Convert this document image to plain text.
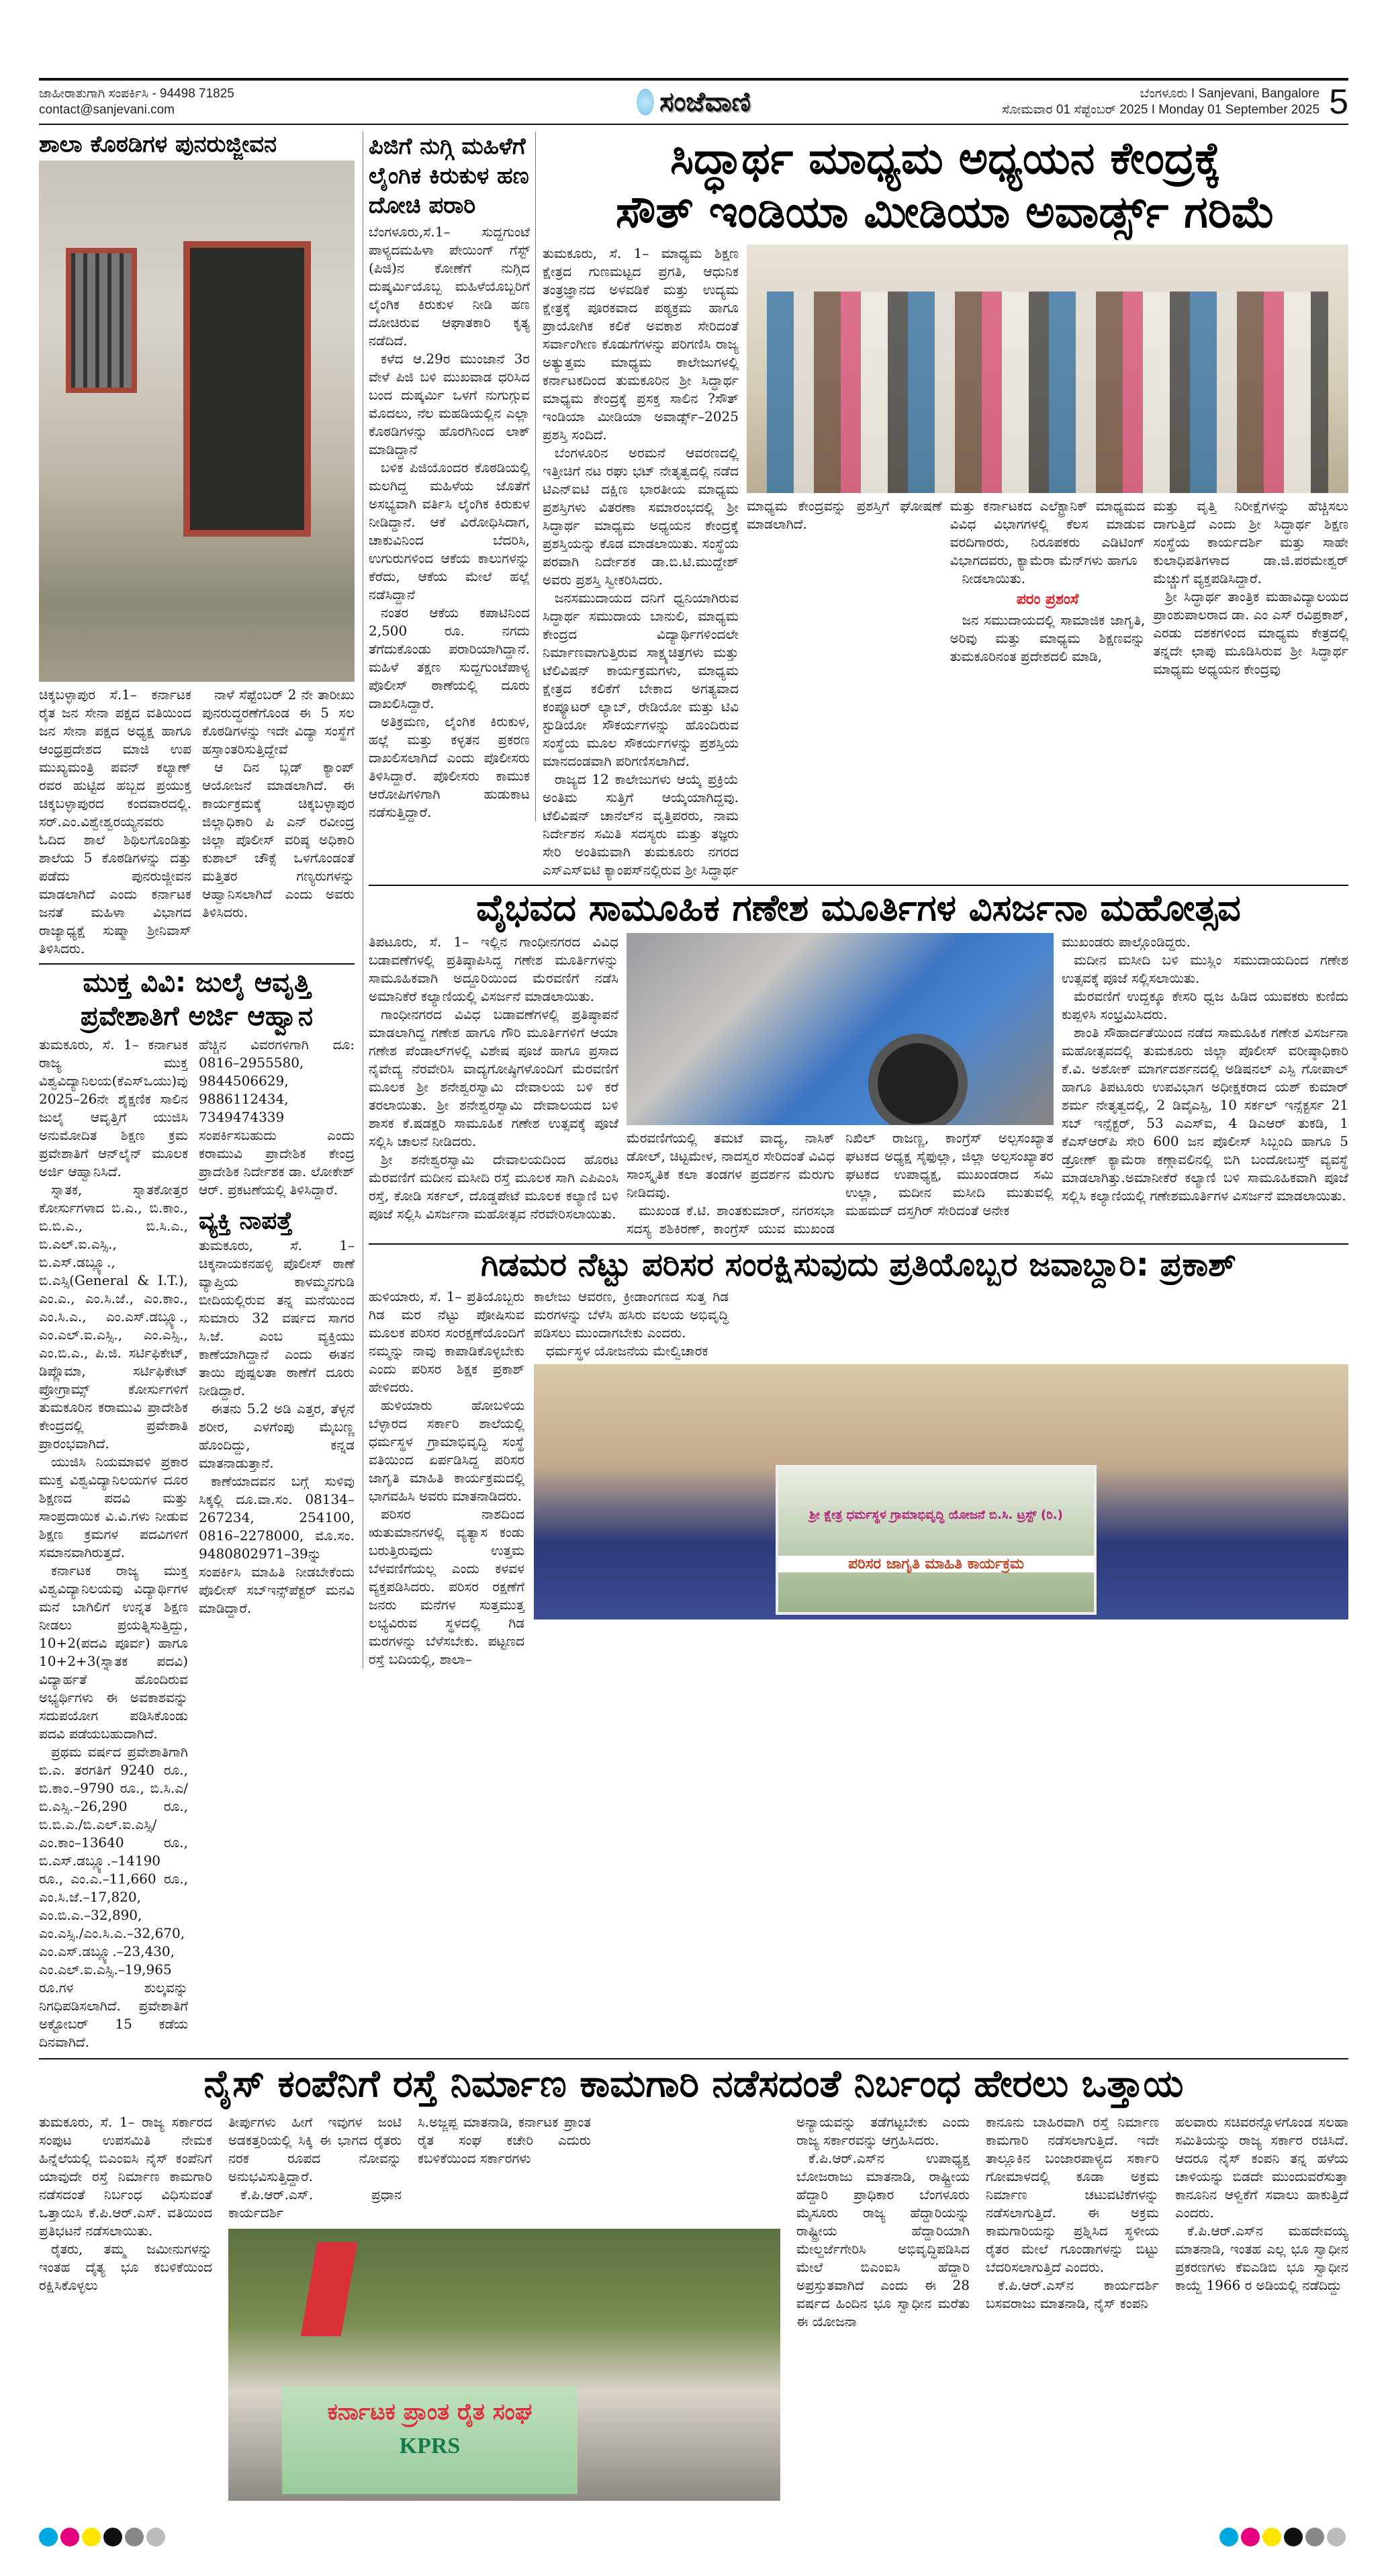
ಜಾಹೀರಾತುಗಾಗಿ ಸಂಪರ್ಕಿಸಿ - 94498 71825
contact@sanjevani.com	ಸಂಜೆವಾಣಿ	ಬೆಂಗಳೂರು I Sanjevani, Bangalore
ಸೋಮವಾರ 01 ಸೆಪ್ಟೆಂಬರ್ 2025 I Monday 01 September 2025 5
ಶಾಲಾ ಕೊಠಡಿಗಳ ಪುನರುಜ್ಜೀವನ

ಚಿಕ್ಕಬಳ್ಳಾಪುರ ಸೆ.1– ಕರ್ನಾಟಕ ರೈತ ಜನ ಸೇನಾ ಪಕ್ಷದ ವತಿಯಿಂದ ಜನ ಸೇನಾ ಪಕ್ಷದ ಅಧ್ಯಕ್ಷ ಹಾಗೂ ಆಂಧ್ರಪ್ರದೇಶದ ಮಾಜಿ ಉಪ ಮುಖ್ಯಮಂತ್ರಿ ಪವನ್ ಕಲ್ಯಾಣ್ ರವರ ಹುಟ್ಟಿದ ಹಬ್ಬದ ಪ್ರಯುಕ್ತ ಚಿಕ್ಕಬಳ್ಳಾಪುರದ ಕಂದವಾರದಲ್ಲಿ. ಸರ್.ಎಂ.ವಿಶ್ವೇಶ್ವರಯ್ಯನವರು ಓದಿದ ಶಾಲೆ ಶಿಥಿಲಗೊಂಡಿತ್ತು ಶಾಲೆಯ 5 ಕೊಠಡಿಗಳನ್ನು ದತ್ತು ಪಡೆದು ಪುನರುಜ್ಜೀವನ ಮಾಡಲಾಗಿದೆ ಎಂದು ಕರ್ನಾಟಕ ಜನತೆ ಮಹಿಳಾ ವಿಭಾಗದ ರಾಜ್ಯಾಧ್ಯಕ್ಷೆ ಸುಷ್ಮಾ ಶ್ರೀನಿವಾಸ್ ತಿಳಿಸಿದರು.

ನಾಳೆ ಸೆಪ್ಟೆಂಬರ್ 2 ನೇ ತಾರೀಖು ಪುನರುದ್ಧರಣೆಗೊಂಡ ಈ 5 ಸಲ ಕೊಠಡಿಗಳನ್ನು ಇದೇ ವಿದ್ಯಾ ಸಂಸ್ಥೆಗೆ ಹಸ್ತಾಂತರಿಸುತ್ತಿದ್ದೇವೆ

ಆ ದಿನ ಬ್ಲಡ್ ಕ್ಯಾಂಪ್ ಆಯೋಜನೆ ಮಾಡಲಾಗಿದೆ. ಈ ಕಾರ್ಯಕ್ರಮಕ್ಕೆ ಚಿಕ್ಕಬಳ್ಳಾಪುರ ಜಿಲ್ಲಾಧಿಕಾರಿ ಪಿ ಎನ್ ರವೀಂದ್ರ ಜಿಲ್ಲಾ ಪೊಲೀಸ್ ವರಿಷ್ಠ ಅಧಿಕಾರಿ ಕುಶಾಲ್ ಚೌಕ್ಸೆ ಒಳಗೊಂಡಂತೆ ಮತ್ತಿತರ ಗಣ್ಯರುಗಳನ್ನು ಆಹ್ವಾನಿಸಲಾಗಿದೆ ಎಂದು ಅವರು ತಿಳಿಸಿದರು.

ಮುಕ್ತ ವಿವಿ: ಜುಲೈ ಆವೃತ್ತಿ ಪ್ರವೇಶಾತಿಗೆ ಅರ್ಜಿ ಆಹ್ವಾನ

ತುಮಕೂರು, ಸೆ. 1– ಕರ್ನಾಟಕ ರಾಜ್ಯ ಮುಕ್ತ ವಿಶ್ವವಿದ್ಯಾನಿಲಯ(ಕೆಎಸ್‌ಒಯು)ವು 2025–26ನೇ ಶೈಕ್ಷಣಿಕ ಸಾಲಿನ ಜುಲೈ ಆವೃತ್ತಿಗೆ ಯುಜಿಸಿ ಅನುಮೋದಿತ ಶಿಕ್ಷಣ ಕ್ರಮ ಪ್ರವೇಶಾತಿಗೆ ಆನ್‌ಲೈನ್ ಮೂಲಕ ಅರ್ಜಿ ಆಹ್ವಾನಿಸಿದೆ.

ಸ್ನಾತಕ, ಸ್ನಾತಕೋತ್ತರ ಕೋರ್ಸುಗಳಾದ ಬಿ.ಎ., ಬಿ.ಕಾಂ., ಬಿ.ಬಿ.ಎ., ಬಿ.ಸಿ.ಎ., ಬಿ.ಎಲ್.ಐ.ಎಸ್ಸಿ., ಬಿ.ಎಸ್.ಡಬ್ಲ್ಯೂ., ಬಿ.ಎಸ್ಸಿ(General & I.T.), ಎಂ.ಎ., ಎಂ.ಸಿ.ಜೆ., ಎಂ.ಕಾಂ., ಎಂ.ಸಿ.ಎ., ಎಂ.ಎಸ್.ಡಬ್ಲ್ಯೂ., ಎಂ.ಎಲ್.ಐ.ಎಸ್ಸಿ., ಎಂ.ಎಸ್ಸಿ., ಎಂ.ಬಿ.ಎ., ಪಿ.ಜಿ. ಸರ್ಟಿಫಿಕೇಟ್, ಡಿಪ್ಲೊಮಾ, ಸರ್ಟಿಫಿಕೇಟ್ ಪ್ರೋಗ್ರಾಮ್ಸ್ ಕೋರ್ಸುಗಳಿಗೆ ತುಮಕೂರಿನ ಕರಾಮುವಿ ಪ್ರಾದೇಶಿಕ ಕೇಂದ್ರದಲ್ಲಿ ಪ್ರವೇಶಾತಿ ಪ್ರಾರಂಭವಾಗಿದೆ.

ಯುಜಿಸಿ ನಿಯಮಾವಳಿ ಪ್ರಕಾರ ಮುಕ್ತ ವಿಶ್ವವಿದ್ಯಾನಿಲಯಗಳ ದೂರ ಶಿಕ್ಷಣದ ಪದವಿ ಮತ್ತು ಸಾಂಪ್ರದಾಯಿಕ ವಿ.ವಿ.ಗಳು ನೀಡುವ ಶಿಕ್ಷಣ ಕ್ರಮಗಳ ಪದವಿಗಳಿಗೆ ಸಮಾನವಾಗಿರುತ್ತದೆ.

ಕರ್ನಾಟಕ ರಾಜ್ಯ ಮುಕ್ತ ವಿಶ್ವವಿದ್ಯಾನಿಲಯವು ವಿದ್ಯಾರ್ಥಿಗಳ ಮನೆ ಬಾಗಿಲಿಗೆ ಉನ್ನತ ಶಿಕ್ಷಣ ನೀಡಲು ಪ್ರಯತ್ನಿಸುತ್ತಿದ್ದು, 10+2(ಪದವಿ ಪೂರ್ವ) ಹಾಗೂ 10+2+3(ಸ್ನಾತಕ ಪದವಿ) ವಿದ್ಯಾರ್ಹತೆ ಹೊಂದಿರುವ ಅಭ್ಯರ್ಥಿಗಳು ಈ ಅವಕಾಶವನ್ನು ಸದುಪಯೋಗ ಪಡಿಸಿಕೊಂಡು ಪದವಿ ಪಡೆಯಬಹುದಾಗಿದೆ.

ಪ್ರಥಮ ವರ್ಷದ ಪ್ರವೇಶಾತಿಗಾಗಿ ಬಿ.ಎ. ತರಗತಿಗೆ 9240 ರೂ., ಬಿ.ಕಾಂ.–9790 ರೂ., ಬಿ.ಸಿ.ಎ/ಬಿ.ಎಸ್ಸಿ.–26,290 ರೂ., ಬಿ.ಬಿ.ಎ./ಬಿ.ಎಲ್.ಐ.ಎಸ್ಸಿ/ಎಂ.ಕಾಂ–13640 ರೂ., ಬಿ.ಎಸ್.ಡಬ್ಲ್ಯೂ.–14190 ರೂ., ಎಂ.ಎ.–11,660 ರೂ., ಎಂ.ಸಿ.ಜೆ.–17,820, ಎಂ.ಬಿ.ಎ.–32,890, ಎಂ.ಎಸ್ಸಿ./ಎಂ.ಸಿ.ಎ.–32,670, ಎಂ.ಎಸ್.ಡಬ್ಲ್ಯೂ.–23,430, ಎಂ.ಎಲ್.ಐ.ಎಸ್ಸಿ.–19,965 ರೂ.ಗಳ ಶುಲ್ಕವನ್ನು ನಿಗಧಿಪಡಿಸಲಾಗಿದೆ. ಪ್ರವೇಶಾತಿಗೆ ಅಕ್ಟೋಬರ್ 15 ಕಡೆಯ ದಿನವಾಗಿದೆ.

ಹೆಚ್ಚಿನ ವಿವರಗಳಿಗಾಗಿ ದೂ: 0816–2955580, 9844506629, 9886112434, 7349474339 ಸಂಪರ್ಕಿಸಬಹುದು ಎಂದು ಕರಾಮುವಿ ಪ್ರಾದೇಶಿಕ ಕೇಂದ್ರ ಪ್ರಾದೇಶಿಕ ನಿರ್ದೇಶಕ ಡಾ. ಲೋಕೇಶ್ ಆರ್. ಪ್ರಕಟಣೆಯಲ್ಲಿ ತಿಳಿಸಿದ್ದಾರೆ.

ವ್ಯಕ್ತಿ ನಾಪತ್ತೆ

ತುಮಕೂರು, ಸೆ. 1– ಚಿಕ್ಕನಾಯಕನಹಳ್ಳಿ ಪೊಲೀಸ್ ಠಾಣೆ ವ್ಯಾಪ್ತಿಯ ಕಾಳಮ್ಮನಗುಡಿ ಬೀದಿಯಲ್ಲಿರುವ ತನ್ನ ಮನೆಯಿಂದ ಸುಮಾರು 32 ವರ್ಷದ ಸಾಗರ ಸಿ.ಜೆ. ಎಂಬ ವ್ಯಕ್ತಿಯು ಕಾಣೆಯಾಗಿದ್ದಾನೆ ಎಂದು ಈತನ ತಾಯಿ ಪುಷ್ಪಲತಾ ಠಾಣೆಗೆ ದೂರು ನೀಡಿದ್ದಾರೆ.

ಈತನು 5.2 ಅಡಿ ಎತ್ತರ, ತೆಳ್ಳನೆ ಶರೀರ, ಎಳಗೆಂಪು ಮೈಬಣ್ಣ ಹೊಂದಿದ್ದು, ಕನ್ನಡ ಮಾತನಾಡುತ್ತಾನೆ.

ಕಾಣೆಯಾದವನ ಬಗ್ಗೆ ಸುಳಿವು ಸಿಕ್ಕಲ್ಲಿ ದೂ.ವಾ.ಸಂ. 08134–267234, 254100, 0816–2278000, ಮೊ.ಸಂ. 9480802971–39ನ್ನು ಸಂಪರ್ಕಿಸಿ ಮಾಹಿತಿ ನೀಡಬೇಕೆಂದು ಪೊಲೀಸ್ ಸಬ್‌ಇನ್ಸ್‌ಪೆಕ್ಟರ್ ಮನವಿ ಮಾಡಿದ್ದಾರೆ.

ಪಿಜಿಗೆ ನುಗ್ಗಿ ಮಹಿಳೆಗೆ ಲೈಂಗಿಕ ಕಿರುಕುಳ ಹಣ ದೋಚಿ ಪರಾರಿ

ಬೆಂಗಳೂರು,ಸೆ.1– ಸುದ್ದಗುಂಟೆ ಪಾಳ್ಯದಮಹಿಳಾ ಪೇಯಿಂಗ್ ಗೆಸ್ಟ್ (ಪಿಜಿ)ನ ಕೋಣೆಗೆ ನುಗ್ಗಿದ ದುಷ್ಕರ್ಮಿಯೊಬ್ಬ ಮಹಿಳೆಯೊಬ್ಬರಿಗೆ ಲೈಂಗಿಕ ಕಿರುಕುಳ ನೀಡಿ ಹಣ ದೋಚಿರುವ ಆಘಾತಕಾರಿ ಕೃತ್ಯ ನಡೆದಿದೆ.

ಕಳೆದ ಆ.29ರ ಮುಂಜಾನೆ 3ರ ವೇಳೆ ಪಿಜಿ ಬಳಿ ಮುಖವಾಡ ಧರಿಸಿದ ಬಂದ ದುಷ್ಕರ್ಮಿ ಒಳಗೆ ನುಗುಗ್ಗುವ ಮೊದಲು, ನೆಲ ಮಹಡಿಯಲ್ಲಿನ ಎಲ್ಲಾ ಕೊಠಡಿಗಳನ್ನು ಹೊರಗಿನಿಂದ ಲಾಕ್ ಮಾಡಿದ್ದಾನೆ

ಬಳಿಕ ಪಿಜಿಯೊಂದರ ಕೊಠಡಿಯಲ್ಲಿ ಮಲಗಿದ್ದ ಮಹಿಳೆಯ ಜೊತೆಗೆ ಅಸಭ್ಯವಾಗಿ ವರ್ತಿಸಿ ಲೈಂಗಿಕ ಕಿರುಕುಳ ನೀಡಿದ್ದಾನೆ. ಆಕೆ ವಿರೋಧಿಸಿದಾಗ, ಚಾಕುವಿನಿಂದ ಬೆದರಿಸಿ, ಉಗುರುಗಳಿಂದ ಆಕೆಯ ಕಾಲುಗಳನ್ನು ಕೆರೆದು, ಆಕೆಯ ಮೇಲೆ ಹಲ್ಲೆ ನಡೆಸಿದ್ದಾನೆ

ನಂತರ ಆಕೆಯ ಕಪಾಟಿನಿಂದ 2,500 ರೂ. ನಗದು ತೆಗೆದುಕೊಂಡು ಪರಾರಿಯಾಗಿದ್ದಾನೆ. ಮಹಿಳೆ ತಕ್ಷಣ ಸುದ್ದಗುಂಟೆಪಾಳ್ಯ ಪೊಲೀಸ್ ಠಾಣೆಯಲ್ಲಿ ದೂರು ದಾಖಲಿಸಿದ್ದಾರೆ.

ಅತಿಕ್ರಮಣ, ಲೈಂಗಿಕ ಕಿರುಕುಳ, ಹಲ್ಲೆ ಮತ್ತು ಕಳ್ಳತನ ಪ್ರಕರಣ ದಾಖಲಿಸಲಾಗಿದೆ ಎಂದು ಪೊಲೀಸರು ತಿಳಿಸಿದ್ದಾರೆ. ಪೊಲೀಸರು ಕಾಮುಕ ಆರೋಪಿಗಳಿಗಾಗಿ ಹುಡುಕಾಟ ನಡೆಸುತ್ತಿದ್ದಾರೆ.

ಸಿದ್ಧಾರ್ಥ ಮಾಧ್ಯಮ ಅಧ್ಯಯನ ಕೇಂದ್ರಕ್ಕೆ
ಸೌತ್ ಇಂಡಿಯಾ ಮೀಡಿಯಾ ಅವಾರ್ಡ್ಸ್ ಗರಿಮೆ

ತುಮಕೂರು, ಸೆ. 1– ಮಾಧ್ಯಮ ಶಿಕ್ಷಣ ಕ್ಷೇತ್ರದ ಗುಣಮಟ್ಟದ ಪ್ರಗತಿ, ಆಧುನಿಕ ತಂತ್ರಜ್ಞಾನದ ಅಳವಡಿಕೆ ಮತ್ತು ಉದ್ಯಮ ಕ್ಷೇತ್ರಕ್ಕೆ ಪೂರಕವಾದ ಪಠ್ಯಕ್ರಮ ಹಾಗೂ ಪ್ರಾಯೋಗಿಕ ಕಲಿಕೆ ಅವಕಾಶ ಸೇರಿದಂತೆ ಸರ್ವಾಂಗೀಣ ಕೊಡುಗೆಗಳನ್ನು ಪರಿಗಣಿಸಿ ರಾಜ್ಯ ಅತ್ಯುತ್ತಮ ಮಾಧ್ಯಮ ಕಾಲೇಜುಗಳಲ್ಲಿ ಕರ್ನಾಟಕದಿಂದ ತುಮಕೂರಿನ ಶ್ರೀ ಸಿದ್ಧಾರ್ಥ ಮಾಧ್ಯಮ ಕೇಂದ್ರಕ್ಕೆ ಪ್ರಸಕ್ತ ಸಾಲಿನ ?ಸೌತ್ ಇಂಡಿಯಾ ಮೀಡಿಯಾ ಅವಾರ್ಡ್ಸ್–2025 ಪ್ರಶಸ್ತಿ ಸಂದಿದೆ.

ಬೆಂಗಳೂರಿನ ಅರಮನೆ ಆವರಣದಲ್ಲಿ ಇತ್ತೀಚಿಗೆ ನಟ ರಘು ಭಟ್ ನೇತೃತ್ವದಲ್ಲಿ ನಡೆದ ಟಿಎನ್ಐಟಿ ದಕ್ಷಿಣ ಭಾರತೀಯ ಮಾಧ್ಯಮ ಪ್ರಶಸ್ತಿಗಳು ವಿತರಣಾ ಸಮಾರಂಭದಲ್ಲಿ ಶ್ರೀ ಸಿದ್ಧಾರ್ಥ ಮಾಧ್ಯಮ ಅಧ್ಯಯನ ಕೇಂದ್ರಕ್ಕೆ ಪ್ರಶಸ್ತಿಯನ್ನು ಕೊಡ ಮಾಡಲಾಯಿತು. ಸಂಸ್ಥೆಯ ಪರವಾಗಿ ನಿರ್ದೇಶಕ ಡಾ.ಬಿ.ಟಿ.ಮುದ್ದೇಶ್ ಅವರು ಪ್ರಶಸ್ತಿ ಸ್ವೀಕರಿಸಿದರು.

ಜನಸಮುದಾಯದ ದನಿಗೆ ಧ್ವನಿಯಾಗಿರುವ ಸಿದ್ಧಾರ್ಥ ಸಮುದಾಯ ಬಾನುಲಿ, ಮಾಧ್ಯಮ ಕೇಂದ್ರದ ವಿದ್ಯಾರ್ಥಿಗಳಿಂದಲೇ ನಿರ್ಮಾಣವಾಗುತ್ತಿರುವ ಸಾಕ್ಷ್ಯಚಿತ್ರಗಳು ಮತ್ತು ಟೆಲಿವಿಷನ್ ಕಾರ್ಯಕ್ರಮಗಳು, ಮಾಧ್ಯಮ ಕ್ಷೇತ್ರದ ಕಲಿಕೆಗೆ ಬೇಕಾದ ಅಗತ್ಯವಾದ ಕಂಪ್ಯೂಟರ್ ಲ್ಯಾಬ್, ರೇಡಿಯೋ ಮತ್ತು ಟಿವಿ ಸ್ಟುಡಿಯೋ ಸೌಕರ್ಯಗಳನ್ನು ಹೊಂದಿರುವ ಸಂಸ್ಥೆಯ ಮೂಲ ಸೌಕರ್ಯಗಳನ್ನು ಪ್ರಶಸ್ತಿಯ ಮಾನದಂಡವಾಗಿ ಪರಿಗಣಿಸಲಾಗಿದೆ.

ರಾಜ್ಯದ 12 ಕಾಲೇಜುಗಳು ಆಯ್ಕೆ ಪ್ರಕ್ರಿಯೆ ಅಂತಿಮ ಸುತ್ತಿಗೆ ಆಯ್ಕೆಯಾಗಿದ್ದವು. ಟೆಲಿವಿಷನ್ ಚಾನೆಲ್‌ನ ವೃತ್ತಿಪರರು, ನಾಮ ನಿರ್ದೇಶನ ಸಮಿತಿ ಸದಸ್ಯರು ಮತ್ತು ತಜ್ಞರು ಸೇರಿ ಅಂತಿಮವಾಗಿ ತುಮಕೂರು ನಗರದ ಎಸ್‌ಎಸ್‌ಐಟಿ ಕ್ಯಾಂಪಸ್‌ನಲ್ಲಿರುವ ಶ್ರೀ ಸಿದ್ಧಾರ್ಥ

ಮಾಧ್ಯಮ ಕೇಂದ್ರವನ್ನು ಪ್ರಶಸ್ತಿಗೆ ಘೋಷಣೆ ಮಾಡಲಾಗಿದೆ.

ಮತ್ತು ಕರ್ನಾಟಕದ ಎಲೆಕ್ಟ್ರಾನಿಕ್ ಮಾಧ್ಯಮದ ವಿವಿಧ ವಿಭಾಗಗಳಲ್ಲಿ ಕೆಲಸ ಮಾಡುವ ವರದಿಗಾರರು, ನಿರೂಪಕರು ಎಡಿಟಿಂಗ್ ವಿಭಾಗದವರು, ಕ್ಯಾಮೆರಾ ಮೆನ್‌ಗಳು ಹಾಗೂ

ನೀಡಲಾಯಿತು.

ಪರಂ ಪ್ರಶಂಸೆ

ಜನ ಸಮುದಾಯದಲ್ಲಿ ಸಾಮಾಜಿಕ ಜಾಗೃತಿ, ಅರಿವು ಮತ್ತು ಮಾಧ್ಯಮ ಶಿಕ್ಷಣವನ್ನು ತುಮಕೂರಿನಂತ ಪ್ರದೇಶದಲಿ ಮಾಡಿ,

ಮತ್ತು ವೃತ್ತಿ ನಿರೀಕ್ಷೆಗಳನ್ನು ಹೆಚ್ಚಿಸಲು ದಾಗುತ್ತಿದೆ ಎಂದು ಶ್ರೀ ಸಿದ್ಧಾರ್ಥ ಶಿಕ್ಷಣ ಸಂಸ್ಥೆಯ ಕಾರ್ಯದರ್ಶಿ ಮತ್ತು ಸಾಹೇ ಕುಲಾಧಿಪತಿಗಳಾದ ಡಾ.ಜಿ.ಪರಮೇಶ್ವರ್ ಮೆಚ್ಚುಗೆ ವ್ಯಕ್ತಪಡಿಸಿದ್ದಾರೆ.

ಶ್ರೀ ಸಿದ್ಧಾರ್ಥ ತಾಂತ್ರಿಕ ಮಹಾವಿದ್ಯಾಲಯದ ಪ್ರಾಂಶುಪಾಲರಾದ ಡಾ. ಎಂ ಎಸ್ ರವಿಪ್ರಕಾಶ್, ಎರಡು ದಶಕಗಳಿಂದ ಮಾಧ್ಯಮ ಕೇತ್ರದಲ್ಲಿ ತನ್ನದೇ ಛಾಪು ಮೂಡಿಸಿರುವ ಶ್ರೀ ಸಿದ್ಧಾರ್ಥ ಮಾಧ್ಯಮ ಅಧ್ಯಯನ ಕೇಂದ್ರವು

ವೈಭವದ ಸಾಮೂಹಿಕ ಗಣೇಶ ಮೂರ್ತಿಗಳ ವಿಸರ್ಜನಾ ಮಹೋತ್ಸವ

ತಿಪಟೂರು, ಸೆ. 1– ಇಲ್ಲಿನ ಗಾಂಧೀನಗರದ ವಿವಿಧ ಬಡಾವಣೆಗಳಲ್ಲಿ ಪ್ರತಿಷ್ಠಾಪಿಸಿದ್ದ ಗಣೇಶ ಮೂರ್ತಿಗಳನ್ನು ಸಾಮೂಹಿಕವಾಗಿ ಅದ್ದೂರಿಯಿಂದ ಮೆರವಣಿಗೆ ನಡೆಸಿ ಅಮಾನಿಕೆರೆ ಕಲ್ಯಾಣಿಯಲ್ಲಿ ವಿಸರ್ಜನೆ ಮಾಡಲಾಯಿತು.

ಗಾಂಧೀನಗರದ ವಿವಿಧ ಬಡಾವಣೆಗಳಲ್ಲಿ ಪ್ರತಿಷ್ಠಾಪನೆ ಮಾಡಲಾಗಿದ್ದ ಗಣೇಶ ಹಾಗೂ ಗೌರಿ ಮೂರ್ತಿಗಳಿಗೆ ಆಯಾ ಗಣೇಶ ಪೆಂಡಾಲ್‌ಗಳಲ್ಲಿ ವಿಶೇಷ ಪೂಜೆ ಹಾಗೂ ಪ್ರಸಾದ ನೈವೇದ್ಯ ನೆರವೇರಿಸಿ ವಾದ್ಯಗೋಷ್ಠಿಗಳೊಂದಿಗೆ ಮೆರವಣಿಗೆ ಮೂಲಕ ಶ್ರೀ ಶನೇಶ್ವರಸ್ವಾಮಿ ದೇವಾಲಯ ಬಳಿ ಕರೆ ತರಲಾಯಿತು. ಶ್ರೀ ಶನೇಶ್ವರಸ್ವಾಮಿ ದೇವಾಲಯದ ಬಳಿ ಶಾಸಕ ಕೆ.ಷಡಕ್ಷರಿ ಸಾಮೂಹಿಕ ಗಣೇಶ ಉತ್ಸವಕ್ಕೆ ಪೂಜೆ ಸಲ್ಲಿಸಿ ಚಾಲನೆ ನೀಡಿದರು.

ಶ್ರೀ ಶನೇಶ್ವರಸ್ವಾಮಿ ದೇವಾಲಯದಿಂದ ಹೊರಟ ಮೆರವಣಿಗೆ ಮದೀನ ಮಸೀದಿ ರಸ್ತೆ ಮೂಲಕ ಸಾಗಿ ಎಪಿಎಂಸಿ ರಸ್ತೆ, ಕೋಡಿ ಸರ್ಕಲ್, ದೊಡ್ಡಪೇಟೆ ಮೂಲಕ ಕಲ್ಯಾಣಿ ಬಳಿ ಪೂಜೆ ಸಲ್ಲಿಸಿ ವಿಸರ್ಜನಾ ಮಹೋತ್ಸವ ನೆರವೇರಿಸಲಾಯಿತು.

ಮೆರವಣಿಗೆಯಲ್ಲಿ ತಮಟೆ ವಾದ್ಯ, ನಾಸಿಕ್ ಡೋಲ್, ಚಿಟ್ಟಮೇಳ, ನಾದಸ್ವರ ಸೇರಿದಂತೆ ವಿವಿಧ ಸಾಂಸ್ಕೃತಿಕ ಕಲಾ ತಂಡಗಳ ಪ್ರದರ್ಶನ ಮೆರುಗು ನೀಡಿದವು.

ಮುಖಂಡ ಕೆ.ಟಿ. ಶಾಂತಕುಮಾರ್, ನಗರಸಭಾ ಸದಸ್ಯ ಶಶಿಕಿರಣ್, ಕಾಂಗ್ರೆಸ್ ಯುವ ಮುಖಂಡ ನಿಖಿಲ್ ರಾಜಣ್ಣ, ಕಾಂಗ್ರೆಸ್ ಅಲ್ಪಸಂಖ್ಯಾತ ಘಟಕದ ಅಧ್ಯಕ್ಷ ಸೈಫುಲ್ಲಾ, ಜಿಲ್ಲಾ ಅಲ್ಪಸಂಖ್ಯಾತರ ಘಟಕದ ಉಪಾಧ್ಯಕ್ಷ, ಮುಖಂಡರಾದ ಸಮಿ ಉಲ್ಲಾ, ಮದೀನ ಮಸೀದಿ ಮುತುವಲ್ಲಿ ಮಹಮದ್ ದಸ್ತಗಿರ್ ಸೇರಿದಂತೆ ಅನೇಕ

ಮುಖಂಡರು ಪಾಲ್ಗೊಂಡಿದ್ದರು.

ಮದೀನ ಮಸೀದಿ ಬಳಿ ಮುಸ್ಲಿಂ ಸಮುದಾಯದಿಂದ ಗಣೇಶ ಉತ್ಸವಕ್ಕೆ ಪೂಜೆ ಸಲ್ಲಿಸಲಾಯಿತು.

ಮೆರವಣಿಗೆ ಉದ್ದಕ್ಕೂ ಕೇಸರಿ ಧ್ವಜ ಹಿಡಿದ ಯುವಕರು ಕುಣಿದು ಕುಪ್ಪಳಿಸಿ ಸಂಭ್ರಮಿಸಿದರು.

ಶಾಂತಿ ಸೌಹಾರ್ದತೆಯಿಂದ ನಡೆದ ಸಾಮೂಹಿಕ ಗಣೇಶ ವಿಸರ್ಜನಾ ಮಹೋತ್ಸವದಲ್ಲಿ ತುಮಕೂರು ಜಿಲ್ಲಾ ಪೊಲೀಸ್ ವರೀಷ್ಠಾಧಿಕಾರಿ ಕೆ.ವಿ. ಅಶೋಕ್ ಮಾರ್ಗದರ್ಶನದಲ್ಲಿ ಅಡಿಷನಲ್ ಎಸ್ಪಿ ಗೋಪಾಲ್ ಹಾಗೂ ತಿಪಟೂರು ಉಪವಿಭಾಗ ಅಧೀಕ್ಷಕರಾದ ಯಶ್ ಕುಮಾರ್ ಶರ್ಮ ನೇತೃತ್ವದಲ್ಲಿ, 2 ಡಿವೈಎಸ್ಪಿ, 10 ಸರ್ಕಲ್ ಇನ್ಸೆಕ್ಟರ್ಸ 21 ಸಬ್ ಇನ್ಸೆಕ್ಟರ್, 53 ಎಎಸ್‌ಐ, 4 ಡಿಎಆರ್ ತುಕಡಿ, 1 ಕೆಎಸ್‌ಆರ್‌ಪಿ ಸೇರಿ 600 ಜನ ಪೊಲೀಸ್ ಸಿಬ್ಬಂದಿ ಹಾಗೂ 5 ಡ್ರೋಣ್ ಕ್ಯಾಮೆರಾ ಕಣ್ಗಾವಲಿನಲ್ಲಿ ಬಿಗಿ ಬಂದೋಬಸ್ತ್ ವ್ಯವಸ್ಥೆ ಮಾಡಲಾಗಿತ್ತು.ಅಮಾನೀಕೆರೆ ಕಲ್ಯಾಣಿ ಬಳಿ ಸಾಮೂಹಿಕವಾಗಿ ಪೂಜೆ ಸಲ್ಲಿಸಿ ಕಲ್ಯಾಣಿಯಲ್ಲಿ ಗಣೇಶಮೂರ್ತಿಗಳ ವಿಸರ್ಜನೆ ಮಾಡಲಾಯಿತು.

ಗಿಡಮರ ನೆಟ್ಟು ಪರಿಸರ ಸಂರಕ್ಷಿಸುವುದು ಪ್ರತಿಯೊಬ್ಬರ ಜವಾಬ್ದಾರಿ: ಪ್ರಕಾಶ್

ಹುಳಿಯಾರು, ಸೆ. 1– ಪ್ರತಿಯೊಬ್ಬರು ಗಿಡ ಮರ ನೆಟ್ಟು ಪೋಷಿಸುವ ಮೂಲಕ ಪರಿಸರ ಸಂರಕ್ಷಣೆಯೊಂದಿಗೆ ನಮ್ಮನ್ನು ನಾವು ಕಾಪಾಡಿಕೊಳ್ಳಬೇಕು ಎಂದು ಪರಿಸರ ಶಿಕ್ಷಕ ಪ್ರಕಾಶ್ ಹೇಳಿದರು.

ಹುಳಿಯಾರು ಹೋಬಳಿಯ ಬೆಳ್ಳಾರದ ಸರ್ಕಾರಿ ಶಾಲೆಯಲ್ಲಿ ಧರ್ಮಸ್ಥಳ ಗ್ರಾಮಾಭಿವೃದ್ಧಿ ಸಂಸ್ಥೆ ವತಿಯಿಂದ ಏರ್ಪಡಿಸಿದ್ದ ಪರಿಸರ ಜಾಗೃತಿ ಮಾಹಿತಿ ಕಾರ್ಯಕ್ರಮದಲ್ಲಿ ಭಾಗವಹಿಸಿ ಅವರು ಮಾತನಾಡಿದರು.

ಪರಿಸರ ನಾಶದಿಂದ ಋತುಮಾನಗಳಲ್ಲಿ ವ್ಯತ್ಯಾಸ ಕಂಡು ಬರುತ್ತಿರುವುದು ಉತ್ತಮ ಬೆಳವಣಿಗೆಯಲ್ಲ ಎಂದು ಕಳವಳ ವ್ಯಕ್ತಪಡಿಸಿದರು. ಪರಿಸರ ರಕ್ಷಣೆಗೆ ಜನರು ಮನೆಗಳ ಸುತ್ತಮುತ್ತ ಲಭ್ಯವಿರುವ ಸ್ಥಳದಲ್ಲಿ ಗಿಡ ಮರಗಳನ್ನು ಬೆಳೆಸಬೇಕು. ಪಟ್ಟಣದ ರಸ್ತೆ ಬದಿಯಲ್ಲಿ, ಶಾಲಾ–

ಕಾಲೇಜು ಆವರಣ, ಕ್ರೀಡಾಂಗಣದ ಸುತ್ತ ಗಿಡ ಮರಗಳನ್ನು ಬೆಳೆಸಿ ಹಸಿರು ವಲಯ ಅಭಿವೃದ್ಧಿ ಪಡಿಸಲು ಮುಂದಾಗಬೇಕು ಎಂದರು.

ಧರ್ಮಸ್ಥಳ ಯೋಜನೆಯ ಮೇಲ್ವಿಚಾರಕ

ಶ್ರೀ ಕ್ಷೇತ್ರ ಧರ್ಮಸ್ಥಳ ಗ್ರಾಮಾಭಿವೃದ್ಧಿ ಯೋಜನೆ ಬಿ.ಸಿ. ಟ್ರಸ್ಟ್ (ರಿ.)
ಪರಿಸರ ಜಾಗೃತಿ ಮಾಹಿತಿ ಕಾರ್ಯಕ್ರಮ
ನೈಸ್ ಕಂಪೆನಿಗೆ ರಸ್ತೆ ನಿರ್ಮಾಣ ಕಾಮಗಾರಿ ನಡೆಸದಂತೆ ನಿರ್ಬಂಧ ಹೇರಲು ಒತ್ತಾಯ

ತುಮಕೂರು, ಸೆ. 1– ರಾಜ್ಯ ಸರ್ಕಾರದ ಸಂಪುಟ ಉಪಸಮಿತಿ ನೇಮಕ ಹಿನ್ನೆಲೆಯಲ್ಲಿ ಬಿಎಂಐಸಿ ನೈಸ್ ಕಂಪೆನಿಗೆ ಯಾವುದೇ ರಸ್ತೆ ನಿರ್ಮಾಣ ಕಾಮಗಾರಿ ನಡೆಸದಂತೆ ನಿರ್ಬಂಧ ವಿಧಿಸುವಂತೆ ಒತ್ತಾಯಿಸಿ ಕೆ.ಪಿ.ಆರ್.ಎಸ್. ವತಿಯಿಂದ ಪ್ರತಿಭಟನೆ ನಡೆಸಲಾಯಿತು.

ರೈತರು, ತಮ್ಮ ಜಮೀನುಗಳನ್ನು ಇಂತಹ ದೈತ್ಯ ಭೂ ಕಬಳಿಕೆಯಿಂದ ರಕ್ಷಿಸಿಕೊಳ್ಳಲು

ತೀರ್ಪುಗಳು ಹೀಗೆ ಇವುಗಳ ಜಂಟಿ ಅಡಕತ್ತರಿಯಲ್ಲಿ ಸಿಕ್ಕಿ ಈ ಭಾಗದ ರೈತರು ನರಕ ರೂಪದ ನೋವನ್ನು ಅನುಭವಿಸುತ್ತಿದ್ದಾರೆ.

ಕೆ.ಪಿ.ಆರ್.ಎಸ್. ಪ್ರಧಾನ ಕಾರ್ಯದರ್ಶಿ

ಸಿ.ಅಜ್ಜಪ್ಪ ಮಾತನಾಡಿ, ಕರ್ನಾಟಕ ಪ್ರಾಂತ ರೈತ ಸಂಘ ಕಚೇರಿ ಎದುರು ಕಬಳಿಕೆಯಿಂದ ಸರ್ಕಾರಗಳು

ಕರ್ನಾಟಕ ಪ್ರಾಂತ ರೈತ ಸಂಘ
KPRS

ಅನ್ಯಾಯವನ್ನು ತಡೆಗಟ್ಟಬೇಕು ಎಂದು ರಾಜ್ಯ ಸರ್ಕಾರವನ್ನು ಆಗ್ರಹಿಸಿದರು.

ಕೆ.ಪಿ.ಆರ್.ಎಸ್‌ನ ಉಪಾಧ್ಯಕ್ಷ ಬೋಜರಾಜು ಮಾತನಾಡಿ, ರಾಷ್ಟ್ರೀಯ ಹೆದ್ದಾರಿ ಪ್ರಾಧಿಕಾರ ಬೆಂಗಳೂರು ಮೈಸೂರು ರಾಜ್ಯ ಹೆದ್ದಾರಿಯನ್ನು ರಾಷ್ಟ್ರೀಯ ಹೆದ್ದಾರಿಯಾಗಿ ಮೇಲ್ದರ್ಜೆಗೇರಿಸಿ ಅಭಿವೃದ್ಧಿಪಡಿಸಿದ ಮೇಲೆ ಬಿಎಂಐಸಿ ಹೆದ್ದಾರಿ ಅಪ್ರಸ್ತುತವಾಗಿದೆ ಎಂದು ಈ 28 ವರ್ಷದ ಹಿಂದಿನ ಭೂ ಸ್ವಾಧೀನ ಮರೆತು ಈ ಯೋಜನಾ

ಕಾನೂನು ಬಾಹಿರವಾಗಿ ರಸ್ತೆ ನಿರ್ಮಾಣ ಕಾಮಗಾರಿ ನಡೆಸಲಾಗುತ್ತಿದೆ. ಇದೇ ತಾಲ್ಲೂಕಿನ ಬಂಜಾರಪಾಳ್ಯದ ಸರ್ಕಾರಿ ಗೋಮಾಳದಲ್ಲಿ ಕೂಡಾ ಅಕ್ರಮ ನಿರ್ಮಾಣ ಚಟುವಟಿಕೆಗಳನ್ನು ನಡೆಸಲಾಗುತ್ತಿದೆ. ಈ ಅಕ್ರಮ ಕಾಮಗಾರಿಯನ್ನು ಪ್ರಶ್ನಿಸಿದ ಸ್ಥಳೀಯ ರೈತರ ಮೇಲೆ ಗೂಂಡಾಗಳನ್ನು ಬಿಟ್ಟು ಬೆದರಿಸಲಾಗುತ್ತಿದೆ ಎಂದರು.

ಕೆ.ಪಿ.ಆರ್.ಎಸ್‌ನ ಕಾರ್ಯದರ್ಶಿ ಬಸವರಾಜು ಮಾತನಾಡಿ, ನೈಸ್ ಕಂಪನಿ

ಹಲವಾರು ಸಚಿವರನ್ನೊಳಗೊಂಡ ಸಲಹಾ ಸಮಿತಿಯನ್ನು ರಾಜ್ಯ ಸರ್ಕಾರ ರಚಿಸಿದೆ. ಆದರೂ ನೈಸ್ ಕಂಪನಿ ತನ್ನ ಹಳೆಯ ಚಾಳಿಯನ್ನು ಬಿಡದೇ ಮುಂದುವರೆಸುತ್ತಾ ಕಾನೂನಿನ ಆಳ್ವಿಕೆಗೆ ಸವಾಲು ಹಾಕುತ್ತಿದೆ ಎಂದರು.

ಕೆ.ಪಿ.ಆರ್.ಎಸ್‌ನ ಮಹದೇವಯ್ಯ ಮಾತನಾಡಿ, ಇಂತಹ ಎಲ್ಲ ಭೂ ಸ್ವಾಧೀನ ಪ್ರಕರಣಗಳು ಕೆಐಎಡಿಬಿ ಭೂ ಸ್ವಾಧೀನ ಕಾಯ್ದೆ 1966 ರ ಅಡಿಯಲ್ಲಿ ನಡೆದಿದ್ದು
